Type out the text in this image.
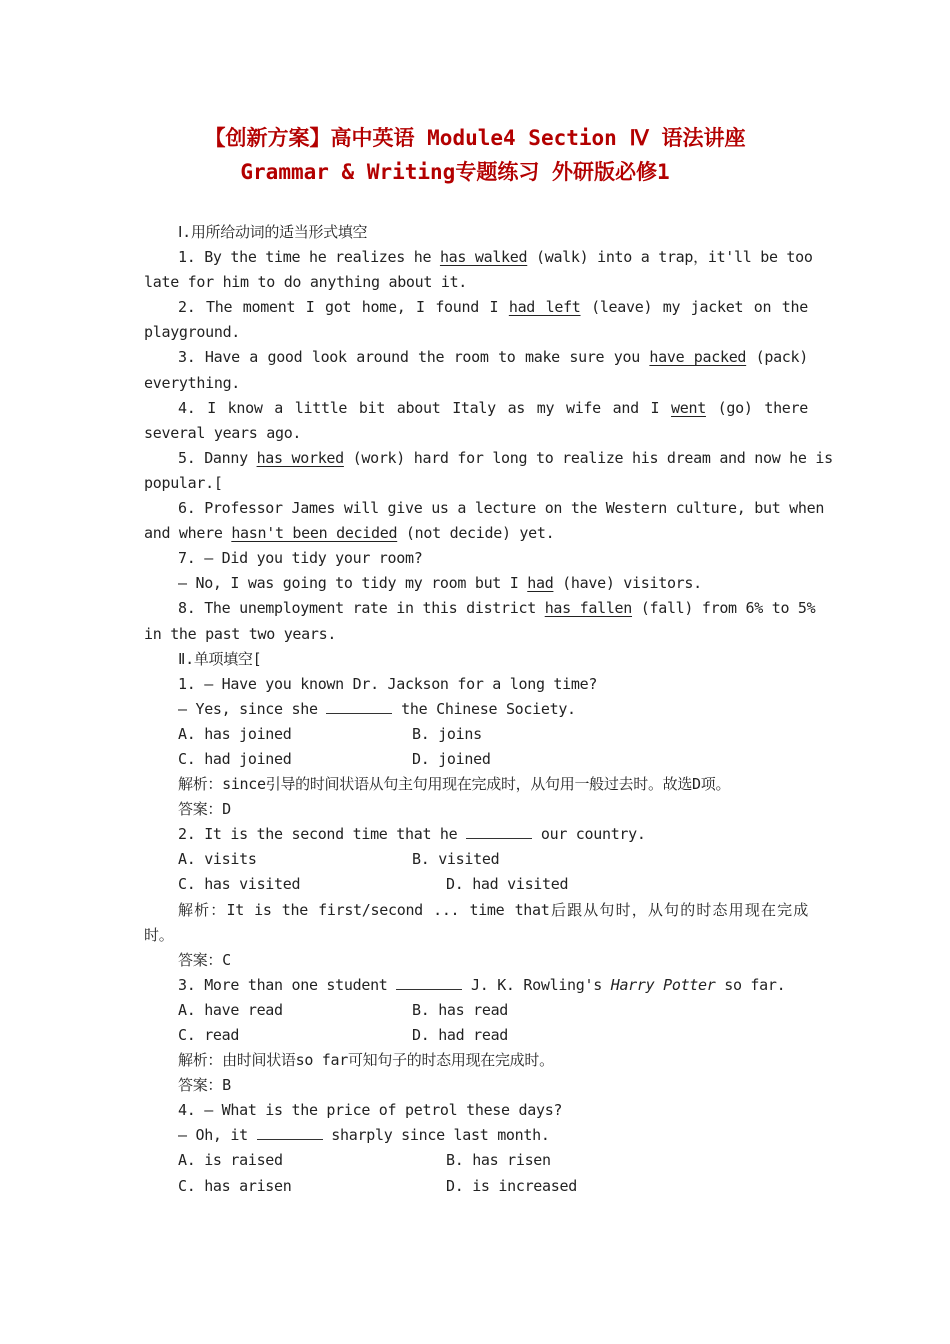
【创新方案】高中英语 Module4 Section Ⅳ 语法讲座
Grammar & Writing专题练习 外研版必修1
Ⅰ.用所给动词的适当形式填空
1. By the time he realizes he has walked (walk) into a trap，it'll be too
late for him to do anything about it.
2. The moment I got home, I found I had left (leave) my jacket on the
playground.
3. Have a good look around the room to make sure you have packed (pack)
everything.
4. I know a little bit about Italy as my wife and I went (go) there
several years ago.
5. Danny has worked (work) hard for long to realize his dream and now he is
popular.[
6. Professor James will give us a lecture on the Western culture, but when
and where hasn't been decided (not decide) yet.
7. — Did you tidy your room?
— No, I was going to tidy my room but I had (have) visitors.
8. The unemployment rate in this district has fallen (fall) from 6% to 5%
in the past two years.
Ⅱ.单项填空[
1. — Have you known Dr. Jackson for a long time?
— Yes, since she	the Chinese Society.
A. has joined	B. joins
C. had joined	D. joined
解析：since引导的时间状语从句主句用现在完成时，从句用一般过去时。故选D项。
答案：D
2. It is the second time that he	our country.
A. visits	B. visited
C. has visited	D. had visited
解析：It is the first/second ... time that后跟从句时，从句的时态用现在完成
时。
答案：C
3. More than one student	J. K. Rowling's Harry Potter so far.
A. have read	B. has read
C. read	D. had read
解析：由时间状语so far可知句子的时态用现在完成时。
答案：B
4. — What is the price of petrol these days?
— Oh, it	sharply since last month.
A. is raised	B. has risen
C. has arisen	D. is increased
